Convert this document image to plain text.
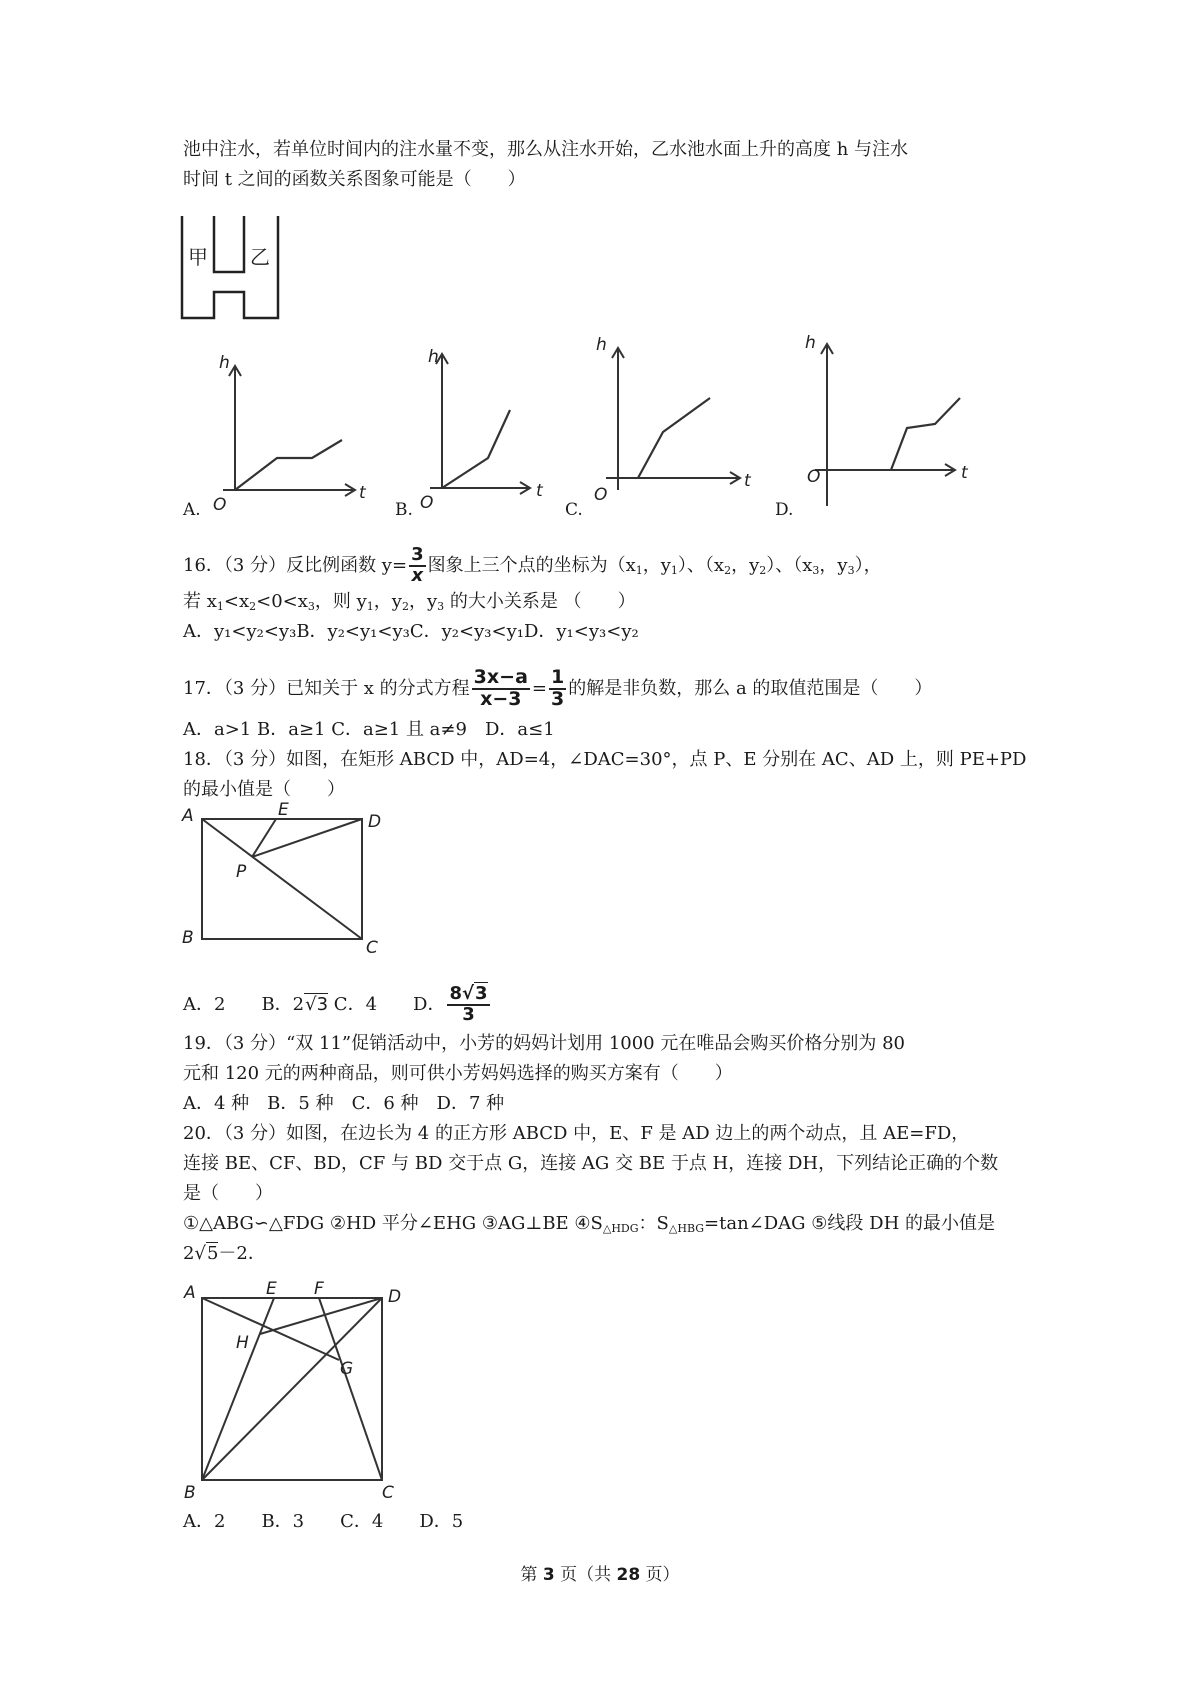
池中注水，若单位时间内的注水量不变，那么从注水开始，乙水池水面上升的高度 h 与注水
时间 t 之间的函数关系图象可能是（　　）
甲 乙
h
t
O
A.
h
t
O
B.
h
t
O
C.
h
t
O
D.
16．（3 分）反比例函数 $y= \frac{3}{x}$ 图象上三个点的坐标为（$x_1$，$y_1$）、（$x_2$，$y_2$）、（$x_3$，$y_3$），
若 $x_1<x_2<0<x_3$，则 $y_1$，$y_2$，$y_3$ 的大小关系是 （　　）
A．y₁<y₂<y₃B．y₂<y₁<y₃C．y₂<y₃<y₁D．y₁<y₃<y₂
17．（3 分）已知关于 x 的分式方程 $\frac{3x-a}{x-3} = \frac{1}{3}$ 的解是非负数，那么 a 的取值范围是（　　）
A．a>1 B．a≥1 C．a≥1 且 a≠9　D．a≤1
18．（3 分）如图，在矩形 ABCD 中，AD=4，∠DAC=30°，点 P、E 分别在 AC、AD 上，则 PE+PD
的最小值是（　　）
A	E
D
P
B	C
A．2　　B．2√3 C．4　　D． $\frac{8√3}{3}$
19．（3 分）“双 11”促销活动中，小芳的妈妈计划用 1000 元在唯品会购买价格分别为 80
元和 120 元的两种商品，则可供小芳妈妈选择的购买方案有（　　）
A．4 种　B．5 种　C．6 种　D．7 种
20．（3 分）如图，在边长为 4 的正方形 ABCD 中，E、F 是 AD 边上的两个动点，且 AE=FD，
连接 BE、CF、BD，CF 与 BD 交于点 G，连接 AG 交 BE 于点 H，连接 DH，下列结论正确的个数
是（　　）
①△ABG∽△FDG ②HD 平分∠EHG ③AG⊥BE $④S_{\triangle HDG}$：$S_{\triangle HBG}=\tan\angle DAG$ ⑤线段 DH 的最小值是
2√5－2．
A	E F	D
H
G
B	C
A．2　　B．3　　C．4　　D．5
第 3 页（共 28 页）
